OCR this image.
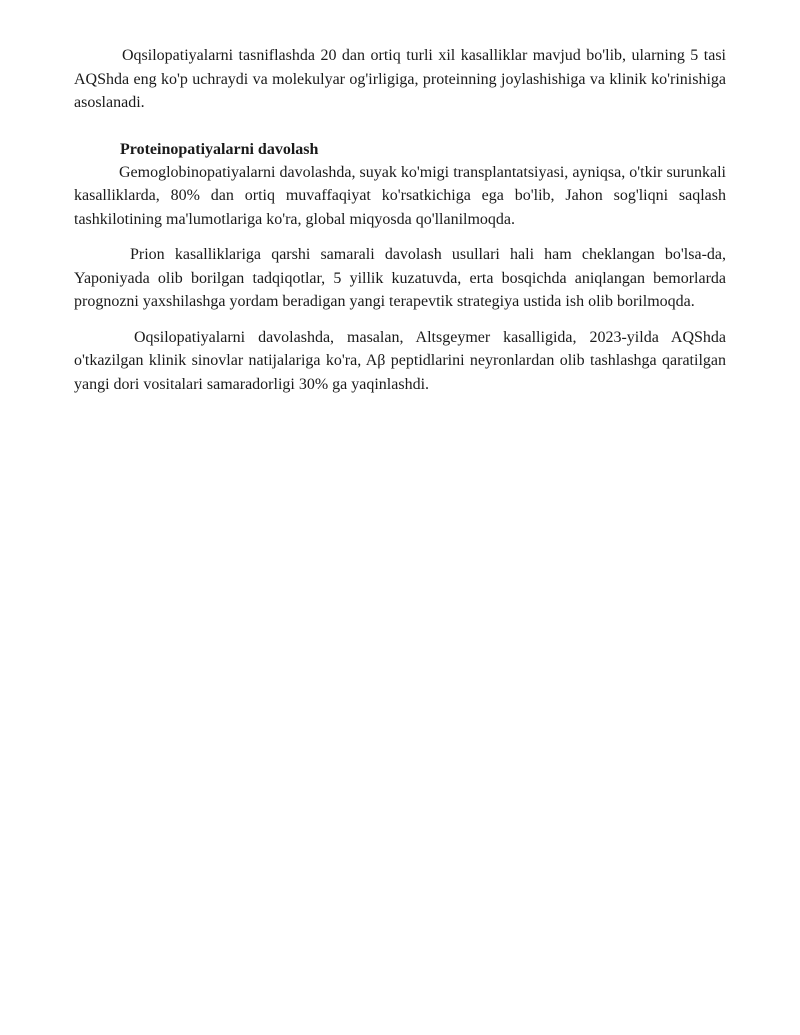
Oqsilopatiyalarni tasniflashda 20 dan ortiq turli xil kasalliklar mavjud bo'lib, ularning 5 tasi AQShda eng ko'p uchraydi va molekulyar og'irligiga, proteinning joylashishiga va klinik ko'rinishiga asoslanadi.

Proteinopatiyalarni davolash

Gemoglobinopatiyalarni davolashda, suyak ko'migi transplantatsiyasi, ayniqsa, o'tkir surunkali kasalliklarda, 80% dan ortiq muvaffaqiyat ko'rsatkichiga ega bo'lib, Jahon sog'liqni saqlash tashkilotining ma'lumotlariga ko'ra, global miqyosda qo'llanilmoqda.

Prion kasalliklariga qarshi samarali davolash usullari hali ham cheklangan bo'lsa-da, Yaponiyada olib borilgan tadqiqotlar, 5 yillik kuzatuvda, erta bosqichda aniqlangan bemorlarda prognozni yaxshilashga yordam beradigan yangi terapevtik strategiya ustida ish olib borilmoqda.

Oqsilopatiyalarni davolashda, masalan, Altsgeymer kasalligida, 2023-yilda AQShda o'tkazilgan klinik sinovlar natijalariga ko'ra, Aβ peptidlarini neyronlardan olib tashlashga qaratilgan yangi dori vositalari samaradorligi 30% ga yaqinlashdi.
